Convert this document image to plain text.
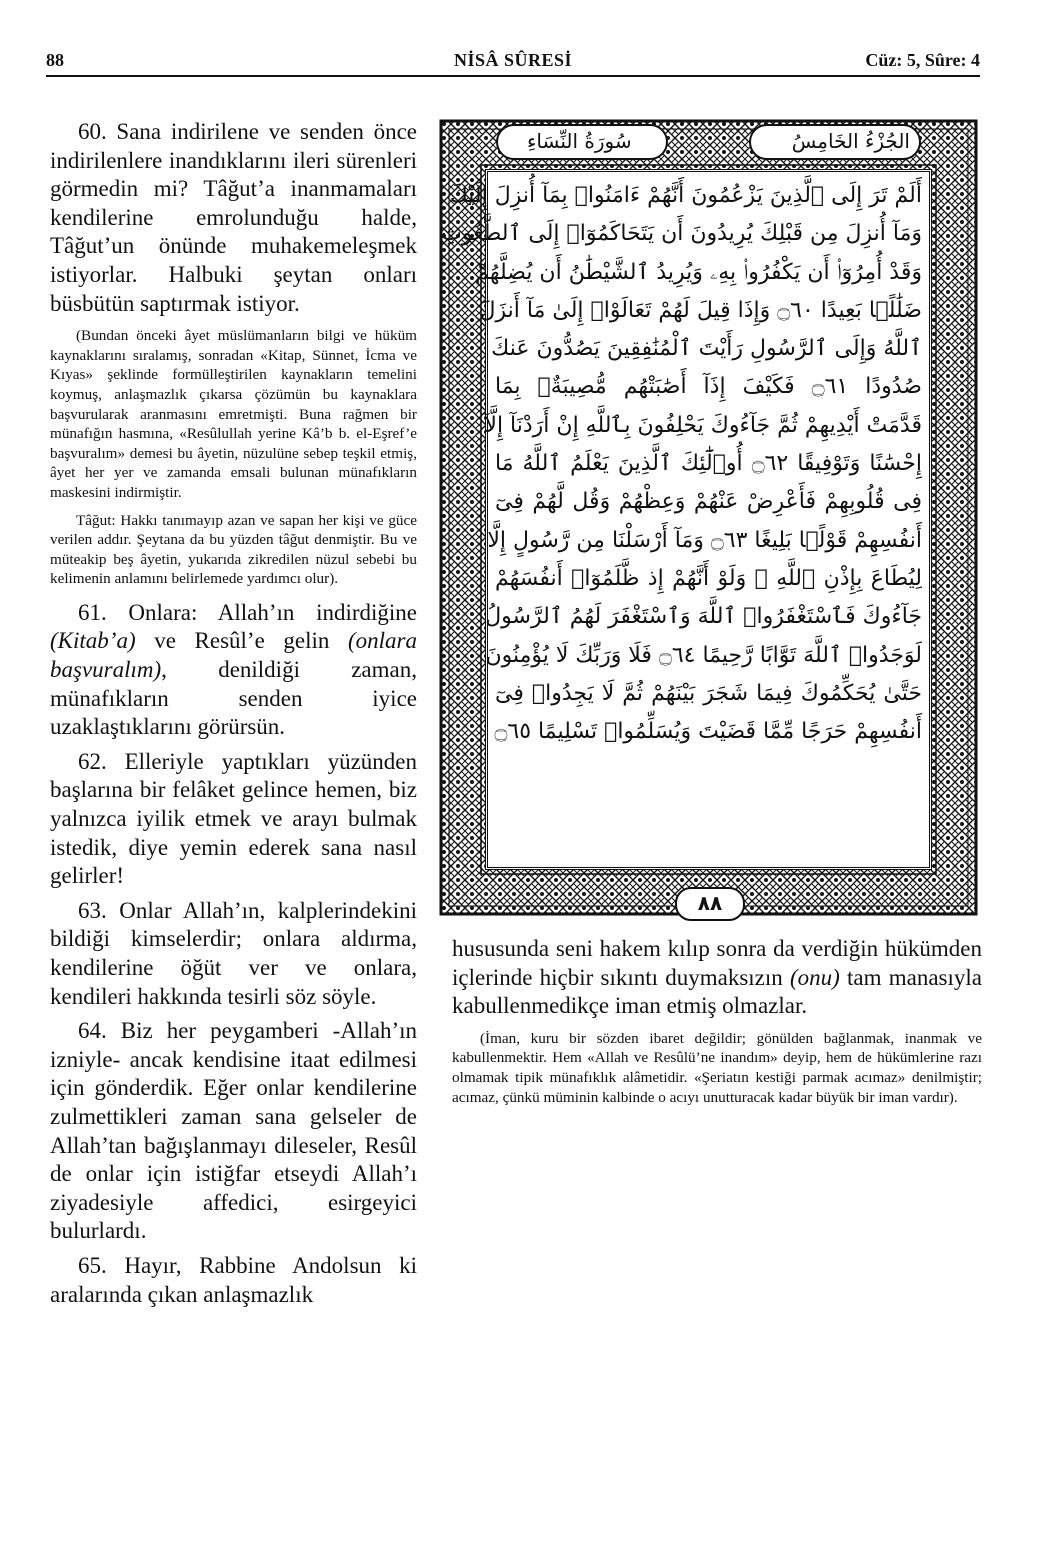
88	NİSÂ SÛRESİ	Cüz: 5, Sûre: 4

60. Sana indirilene ve senden önce indirilenlere inandıklarını ileri sürenleri görmedin mi? Tâğut’a inanmamaları kendilerine emrolunduğu halde, Tâğut’un önünde muhakemeleşmek istiyorlar. Halbuki şeytan onları büsbütün saptırmak istiyor.

(Bundan önceki âyet müslümanların bilgi ve hüküm kaynaklarını sıralamış, sonradan «Kitap, Sünnet, İcma ve Kıyas» şeklinde formülleştirilen kaynakların temelini koymuş, anlaşmazlık çıkarsa çözümün bu kaynaklara başvurularak aranmasını emretmişti. Buna rağmen bir münafığın hasmına, «Resûlullah yerine Kâ’b b. el-Eşref’e başvuralım» demesi bu âyetin, nüzulüne sebep teşkil etmiş, âyet her yer ve zamanda emsali bulunan münafıkların maskesini indirmiştir.

Tâğut: Hakkı tanımayıp azan ve sapan her kişi ve güce verilen addır. Şeytana da bu yüzden tâğut denmiştir. Bu ve müteakip beş âyetin, yukarıda zikredilen nüzul sebebi bu kelimenin anlamını belirlemede yardımcı olur).

61. Onlara: Allah’ın indirdiğine (Kitab’a) ve Resûl’e gelin (onlara başvuralım), denildiği zaman, münafıkların senden iyice uzaklaştıklarını görürsün.

62. Elleriyle yaptıkları yüzünden başlarına bir felâket gelince hemen, biz yalnızca iyilik etmek ve arayı bulmak istedik, diye yemin ederek sana nasıl gelirler!

63. Onlar Allah’ın, kalplerindekini bildiği kimselerdir; onlara aldırma, kendilerine öğüt ver ve onlara, kendileri hakkında tesirli söz söyle.

64. Biz her peygamberi -Allah’ın izniyle- ancak kendisine itaat edilmesi için gönderdik. Eğer onlar kendilerine zulmettikleri zaman sana gelseler de Allah’tan bağışlanmayı dileseler, Resûl de onlar için istiğfar etseydi Allah’ı ziyadesiyle affedici, esirgeyici bulurlardı.

65. Hayır, Rabbine Andolsun ki aralarında çıkan anlaşmazlık

سُورَةُ النِّسَاءِ	الجُزْءُ الخَامِسُ
أَلَمْ تَرَ إِلَى ٱلَّذِينَ يَزْعُمُونَ أَنَّهُمْ ءَامَنُوا۟ بِمَآ أُنزِلَ إِلَيْكَ
وَمَآ أُنزِلَ مِن قَبْلِكَ يُرِيدُونَ أَن يَتَحَاكَمُوٓا۟ إِلَى ٱلطَّٰغُوتِ
وَقَدْ أُمِرُوٓا۟ أَن يَكْفُرُوا۟ بِهِۦ وَيُرِيدُ ٱلشَّيْطَٰنُ أَن يُضِلَّهُمْ
ضَلَٰلًۢا بَعِيدًا ۝٦٠ وَإِذَا قِيلَ لَهُمْ تَعَالَوْا۟ إِلَىٰ مَآ أَنزَلَ
ٱللَّهُ وَإِلَى ٱلرَّسُولِ رَأَيْتَ ٱلْمُنَٰفِقِينَ يَصُدُّونَ عَنكَ
صُدُودًا ۝٦١ فَكَيْفَ إِذَآ أَصَٰبَتْهُم مُّصِيبَةٌۢ بِمَا
قَدَّمَتْ أَيْدِيهِمْ ثُمَّ جَآءُوكَ يَحْلِفُونَ بِٱللَّهِ إِنْ أَرَدْنَآ إِلَّآ
إِحْسَٰنًا وَتَوْفِيقًا ۝٦٢ أُو۟لَٰٓئِكَ ٱلَّذِينَ يَعْلَمُ ٱللَّهُ مَا
فِى قُلُوبِهِمْ فَأَعْرِضْ عَنْهُمْ وَعِظْهُمْ وَقُل لَّهُمْ فِىٓ
أَنفُسِهِمْ قَوْلًۢا بَلِيغًا ۝٦٣ وَمَآ أَرْسَلْنَا مِن رَّسُولٍ إِلَّا
لِيُطَاعَ بِإِذْنِ ٱللَّهِ ۚ وَلَوْ أَنَّهُمْ إِذ ظَّلَمُوٓا۟ أَنفُسَهُمْ
جَآءُوكَ فَٱسْتَغْفَرُوا۟ ٱللَّهَ وَٱسْتَغْفَرَ لَهُمُ ٱلرَّسُولُ
لَوَجَدُوا۟ ٱللَّهَ تَوَّابًا رَّحِيمًا ۝٦٤ فَلَا وَرَبِّكَ لَا يُؤْمِنُونَ
حَتَّىٰ يُحَكِّمُوكَ فِيمَا شَجَرَ بَيْنَهُمْ ثُمَّ لَا يَجِدُوا۟ فِىٓ
أَنفُسِهِمْ حَرَجًا مِّمَّا قَضَيْتَ وَيُسَلِّمُوا۟ تَسْلِيمًا ۝٦٥
٨٨

hususunda seni hakem kılıp sonra da verdiğin hükümden içlerinde hiçbir sıkıntı duymaksızın (onu) tam manasıyla kabullenmedikçe iman etmiş olmazlar.

(İman, kuru bir sözden ibaret değildir; gönülden bağlanmak, inanmak ve kabullenmektir. Hem «Allah ve Resûlü’ne inandım» deyip, hem de hükümlerine razı olmamak tipik münafıklık alâmetidir. «Şeriatın kestiği parmak acımaz» denilmiştir; acımaz, çünkü müminin kalbinde o acıyı unutturacak kadar büyük bir iman vardır).
